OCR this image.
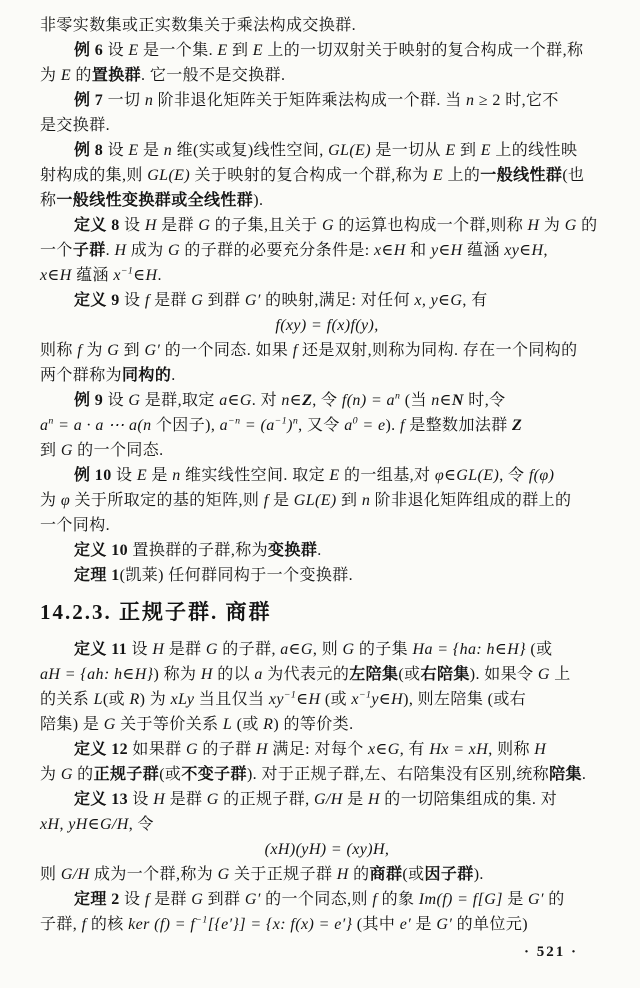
非零实数集或正实数集关于乘法构成交换群.
例 6 设 E 是一个集. E 到 E 上的一切双射关于映射的复合构成一个群,称
为 E 的置换群. 它一般不是交换群.
例 7 一切 n 阶非退化矩阵关于矩阵乘法构成一个群. 当 n ≥ 2 时,它不
是交换群.
例 8 设 E 是 n 维(实或复)线性空间, GL(E) 是一切从 E 到 E 上的线性映
射构成的集,则 GL(E) 关于映射的复合构成一个群,称为 E 上的一般线性群(也
称一般线性变换群或全线性群).
定义 8 设 H 是群 G 的子集,且关于 G 的运算也构成一个群,则称 H 为 G 的
一个子群. H 成为 G 的子群的必要充分条件是: x∈H 和 y∈H 蕴涵 xy∈H,
x∈H 蕴涵 $x^{-1}\in H$.
定义 9 设 f 是群 G 到群 G′ 的映射,满足: 对任何 x, y∈G, 有
f(xy) = f(x)f(y),
则称 f 为 G 到 G′ 的一个同态. 如果 f 还是双射,则称为同构. 存在一个同构的
两个群称为同构的.
例 9 设 G 是群,取定 a∈G. 对 n∈Z, 令 $f(n) = a^n$ (当 n∈N 时,令
$a^n = a \cdot a$ ⋯ a(n 个因子), $a^{-n} = (a^{-1})^n$, 又令 $a^0 = e$). f 是整数加法群 Z
到 G 的一个同态.
例 10 设 E 是 n 维实线性空间. 取定 E 的一组基,对 φ∈GL(E), 令 f(φ)
为 φ 关于所取定的基的矩阵,则 f 是 GL(E) 到 n 阶非退化矩阵组成的群上的
一个同构.
定义 10 置换群的子群,称为变换群.
定理 1(凯莱) 任何群同构于一个变换群.
14.2.3. 正规子群. 商群
定义 11 设 H 是群 G 的子群, a∈G, 则 G 的子集 Ha = {ha: h∈H} (或
aH = {ah: h∈H}) 称为 H 的以 a 为代表元的左陪集(或右陪集). 如果令 G 上
的关系 L(或 R) 为 xLy 当且仅当 $xy^{-1}\in H$ (或 $x^{-1}y\in H$), 则左陪集 (或右
陪集) 是 G 关于等价关系 L (或 R) 的等价类.
定义 12 如果群 G 的子群 H 满足: 对每个 x∈G, 有 Hx = xH, 则称 H
为 G 的正规子群(或不变子群). 对于正规子群,左、右陪集没有区别,统称陪集.
定义 13 设 H 是群 G 的正规子群, G/H 是 H 的一切陪集组成的集. 对
xH, yH∈G/H, 令
(xH)(yH) = (xy)H,
则 G/H 成为一个群,称为 G 关于正规子群 H 的商群(或因子群).
定理 2 设 f 是群 G 到群 G′ 的一个同态,则 f 的象 Im(f) = f[G] 是 G′ 的
子群, f 的核 ker $(f) = f^{-1}[\{e'\}] = \{x$: f(x) = e′} (其中 e′ 是 G′ 的单位元)
· 521 ·
